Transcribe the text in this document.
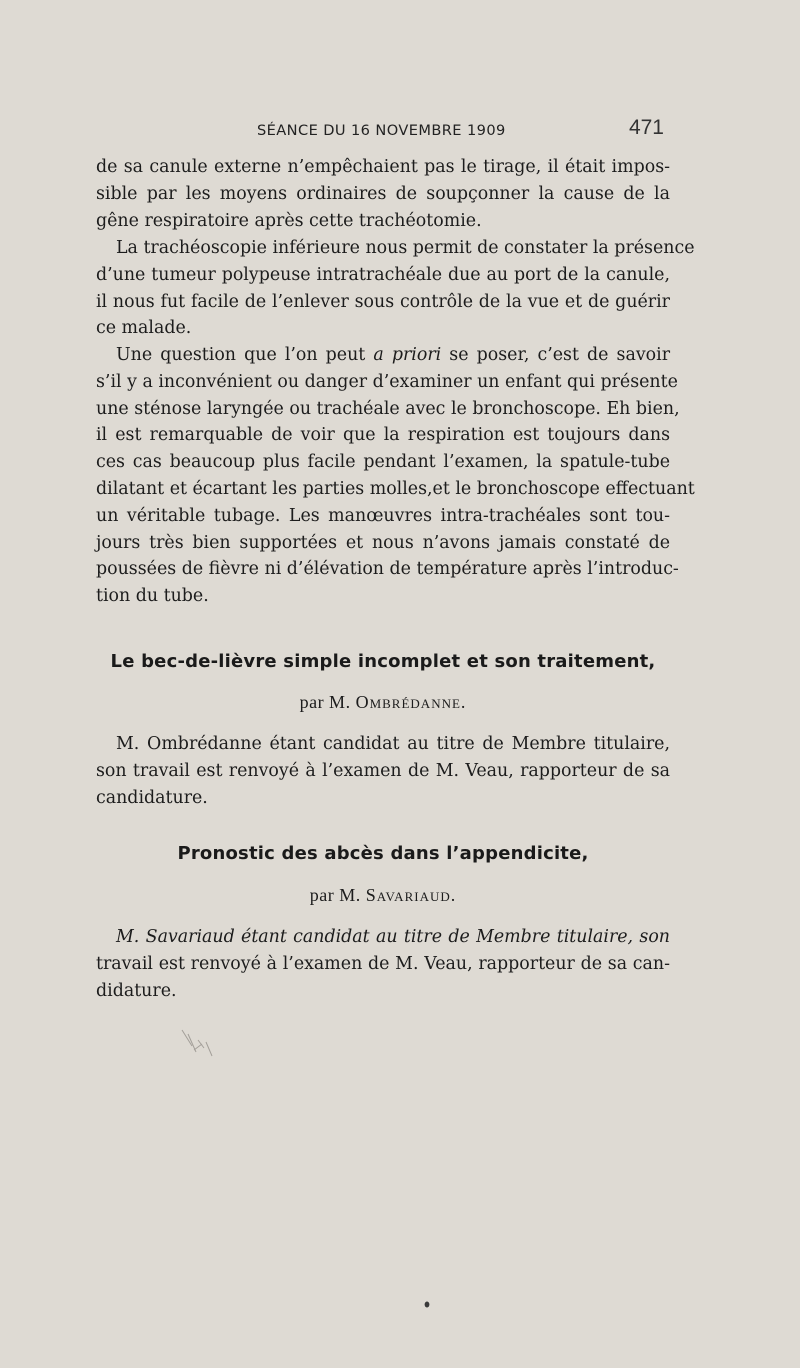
SÉANCE DU 16 NOVEMBRE 1909	471
de sa canule externe n’empêchaient pas le tirage, il était impos-
sible par les moyens ordinaires de soupçonner la cause de la
gêne respiratoire après cette trachéotomie.
La trachéoscopie inférieure nous permit de constater la présence
d’une tumeur polypeuse intratrachéale due au port de la canule,
il nous fut facile de l’enlever sous contrôle de la vue et de guérir
ce malade.
Une question que l’on peut a priori se poser, c’est de savoir
s’il y a inconvénient ou danger d’examiner un enfant qui présente
une sténose laryngée ou trachéale avec le bronchoscope. Eh bien,
il est remarquable de voir que la respiration est toujours dans
ces cas beaucoup plus facile pendant l’examen, la spatule-tube
dilatant et écartant les parties molles,et le bronchoscope effectuant
un véritable tubage. Les manœuvres intra-trachéales sont tou-
jours très bien supportées et nous n’avons jamais constaté de
poussées de fièvre ni d’élévation de température après l’introduc-
tion du tube.
Le bec-de-lièvre simple incomplet et son traitement,
par M. Ombrédanne.
M. Ombrédanne étant candidat au titre de Membre titulaire,
son travail est renvoyé à l’examen de M. Veau, rapporteur de sa
candidature.
Pronostic des abcès dans l’appendicite,
par M. Savariaud.
M. Savariaud étant candidat au titre de Membre titulaire, son
travail est renvoyé à l’examen de M. Veau, rapporteur de sa can-
didature.
